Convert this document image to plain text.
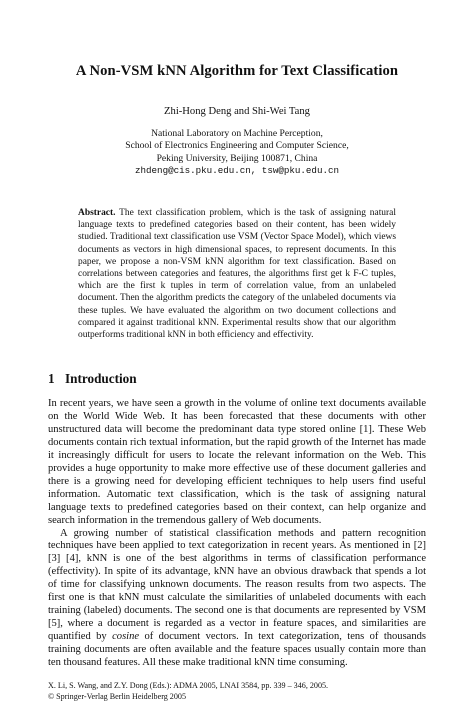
A Non-VSM kNN Algorithm for Text Classification
Zhi-Hong Deng and Shi-Wei Tang
National Laboratory on Machine Perception,
School of Electronics Engineering and Computer Science,
Peking University, Beijing 100871, China
zhdeng@cis.pku.edu.cn, tsw@pku.edu.cn
Abstract. The text classification problem, which is the task of assigning natural language texts to predefined categories based on their content, has been widely studied. Traditional text classification use VSM (Vector Space Model), which views documents as vectors in high dimensional spaces, to represent documents. In this paper, we propose a non-VSM kNN algorithm for text classification. Based on correlations between categories and features, the algorithms first get k F-C tuples, which are the first k tuples in term of correlation value, from an unlabeled document. Then the algorithm predicts the category of the unlabeled documents via these tuples. We have evaluated the algorithm on two document collections and compared it against traditional kNN. Experimental results show that our algorithm outperforms traditional kNN in both efficiency and effectivity.
1 Introduction

In recent years, we have seen a growth in the volume of online text documents available on the World Wide Web. It has been forecasted that these documents with other unstructured data will become the predominant data type stored online [1]. These Web documents contain rich textual information, but the rapid growth of the Internet has made it increasingly difficult for users to locate the relevant information on the Web. This provides a huge opportunity to make more effective use of these document galleries and there is a growing need for developing efficient techniques to help users find useful information. Automatic text classification, which is the task of assigning natural language texts to predefined categories based on their context, can help organize and search information in the tremendous gallery of Web documents.

A growing number of statistical classification methods and pattern recognition techniques have been applied to text categorization in recent years. As mentioned in [2] [3] [4], kNN is one of the best algorithms in terms of classification performance (effectivity). In spite of its advantage, kNN have an obvious drawback that spends a lot of time for classifying unknown documents. The reason results from two aspects. The first one is that kNN must calculate the similarities of unlabeled documents with each training (labeled) documents. The second one is that documents are represented by VSM [5], where a document is regarded as a vector in feature spaces, and similarities are quantified by cosine of document vectors. In text categorization, tens of thousands training documents are often available and the feature spaces usually contain more than ten thousand features. All these make traditional kNN time consuming.

X. Li, S. Wang, and Z.Y. Dong (Eds.): ADMA 2005, LNAI 3584, pp. 339 – 346, 2005.
© Springer-Verlag Berlin Heidelberg 2005
